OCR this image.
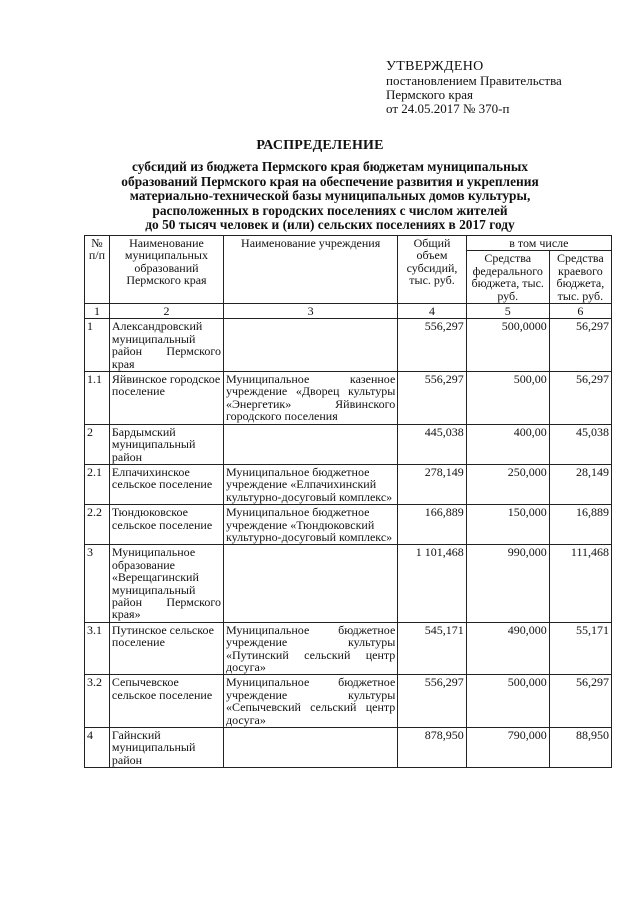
УТВЕРЖДЕНО
постановлением Правительства
Пермского края
от 24.05.2017 № 370-п
РАСПРЕДЕЛЕНИЕ
субсидий из бюджета Пермского края бюджетам муниципальных
образований Пермского края на обеспечение развития и укрепления
материально-технической базы муниципальных домов культуры,
расположенных в городских поселениях с числом жителей
до 50 тысяч человек и (или) сельских поселениях в 2017 году
№ п/п	Наименование муниципальных образований Пермского края	Наименование учреждения	Общий объем субсидий, тыс. руб.	в том числе	
				Средства федерального бюджета, тыс. руб.	Средства краевого бюджета, тыс. руб.
1	2	3	4	5	6
1	Александровский муниципальный район Пермского края		556,297	500,0000	56,297
1.1	Яйвинское городское поселение	Муниципальное казенное учреждение «Дворец культуры «Энергетик» Яйвинского городского поселения	556,297	500,00	56,297
2	Бардымский муниципальный район		445,038	400,00	45,038
2.1	Елпачихинское сельское поселение	Муниципальное бюджетное учреждение «Елпачихинский культурно-досуговый комплекс»	278,149	250,000	28,149
2.2	Тюндюковское сельское поселение	Муниципальное бюджетное учреждение «Тюндюковский культурно-досуговый комплекс»	166,889	150,000	16,889
3	Муниципальное образование «Верещагинский муниципальный район Пермского края»		1 101,468	990,000	111,468
3.1	Путинское сельское поселение	Муниципальное бюджетное учреждение культуры «Путинский сельский центр досуга»	545,171	490,000	55,171
3.2	Сепычевское сельское поселение	Муниципальное бюджетное учреждение культуры «Сепычевский сельский центр досуга»	556,297	500,000	56,297
4	Гайнский муниципальный район		878,950	790,000	88,950
